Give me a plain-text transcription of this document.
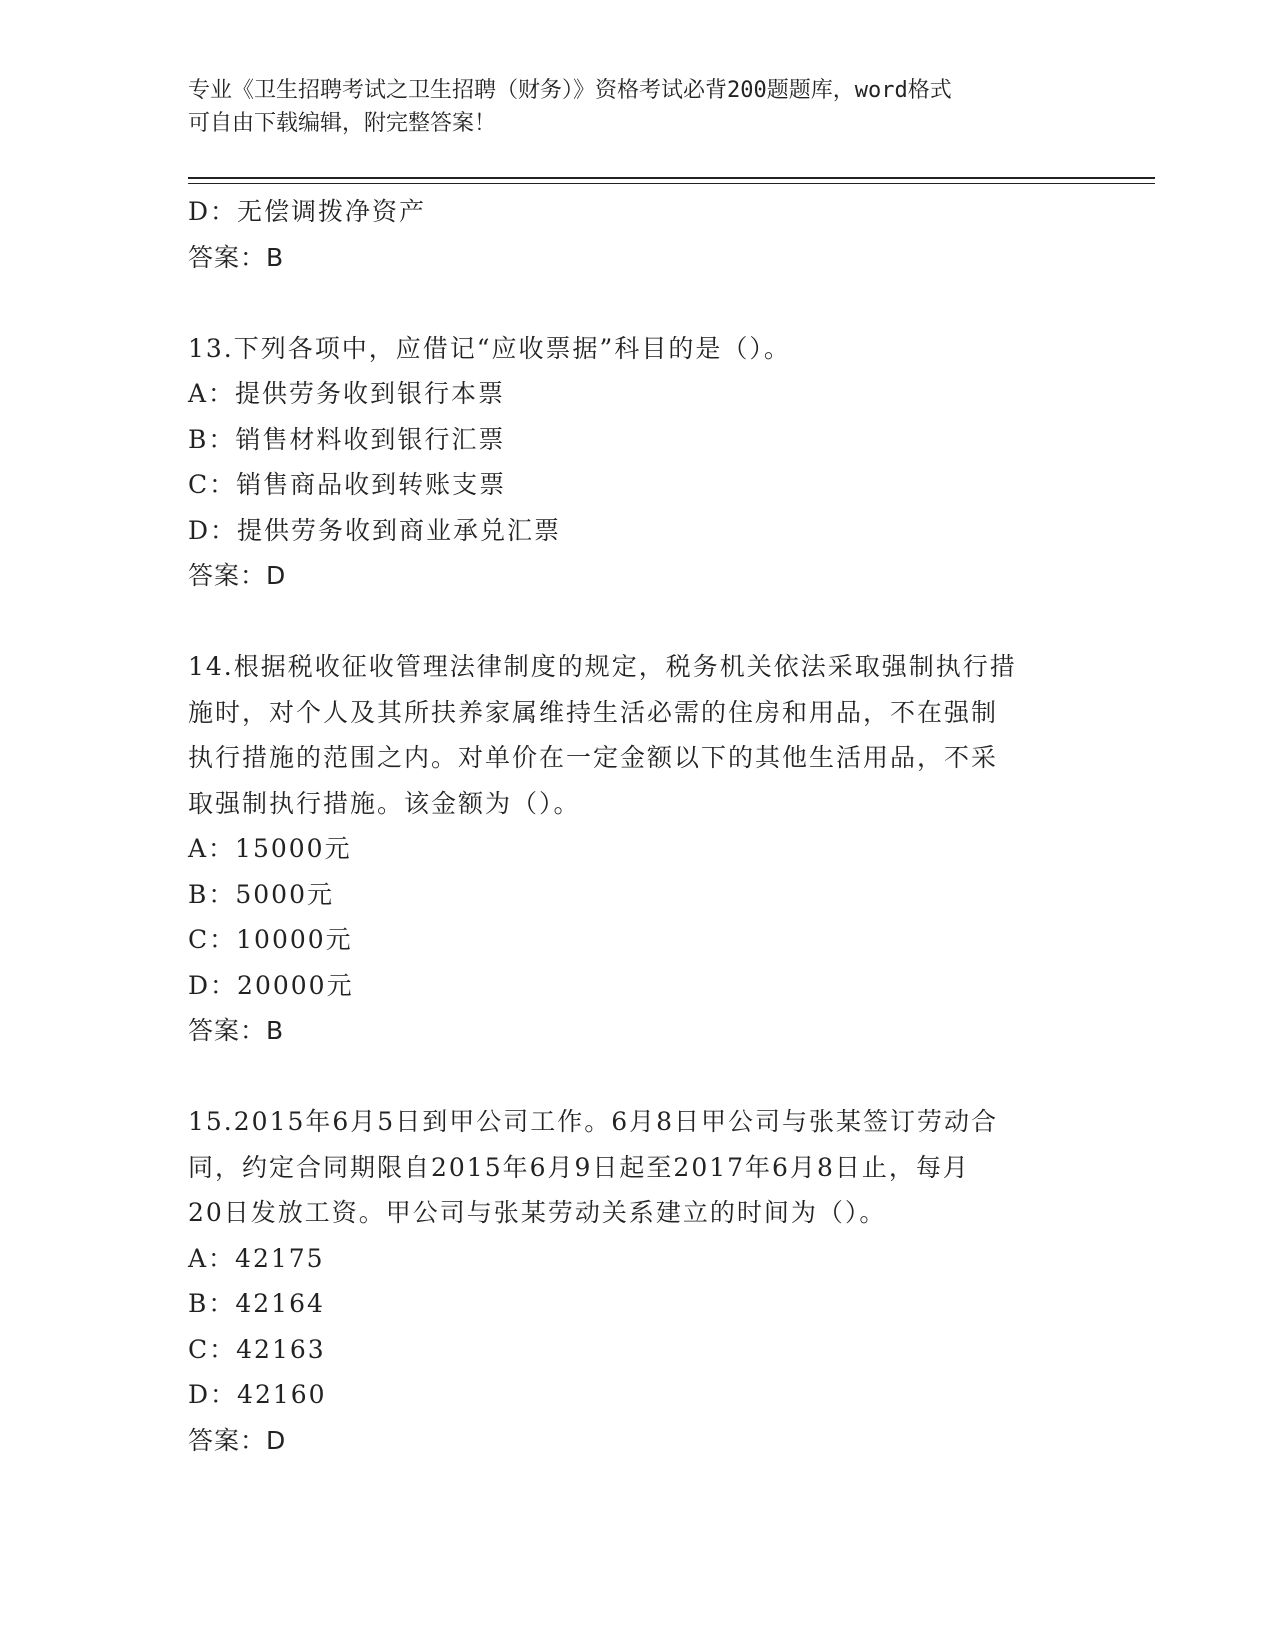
专业《卫生招聘考试之卫生招聘（财务）》资格考试必背200题题库，word格式
可自由下载编辑，附完整答案！
D：无偿调拨净资产
答案：B
13.下列各项中，应借记“应收票据”科目的是（）。
A：提供劳务收到银行本票
B：销售材料收到银行汇票
C：销售商品收到转账支票
D：提供劳务收到商业承兑汇票
答案：D
14.根据税收征收管理法律制度的规定，税务机关依法采取强制执行措
施时，对个人及其所扶养家属维持生活必需的住房和用品，不在强制
执行措施的范围之内。对单价在一定金额以下的其他生活用品，不采
取强制执行措施。该金额为（）。
A：15000元
B：5000元
C：10000元
D：20000元
答案：B
15.2015年6月5日到甲公司工作。6月8日甲公司与张某签订劳动合
同，约定合同期限自2015年6月9日起至2017年6月8日止，每月
20日发放工资。甲公司与张某劳动关系建立的时间为（）。
A：42175
B：42164
C：42163
D：42160
答案：D
